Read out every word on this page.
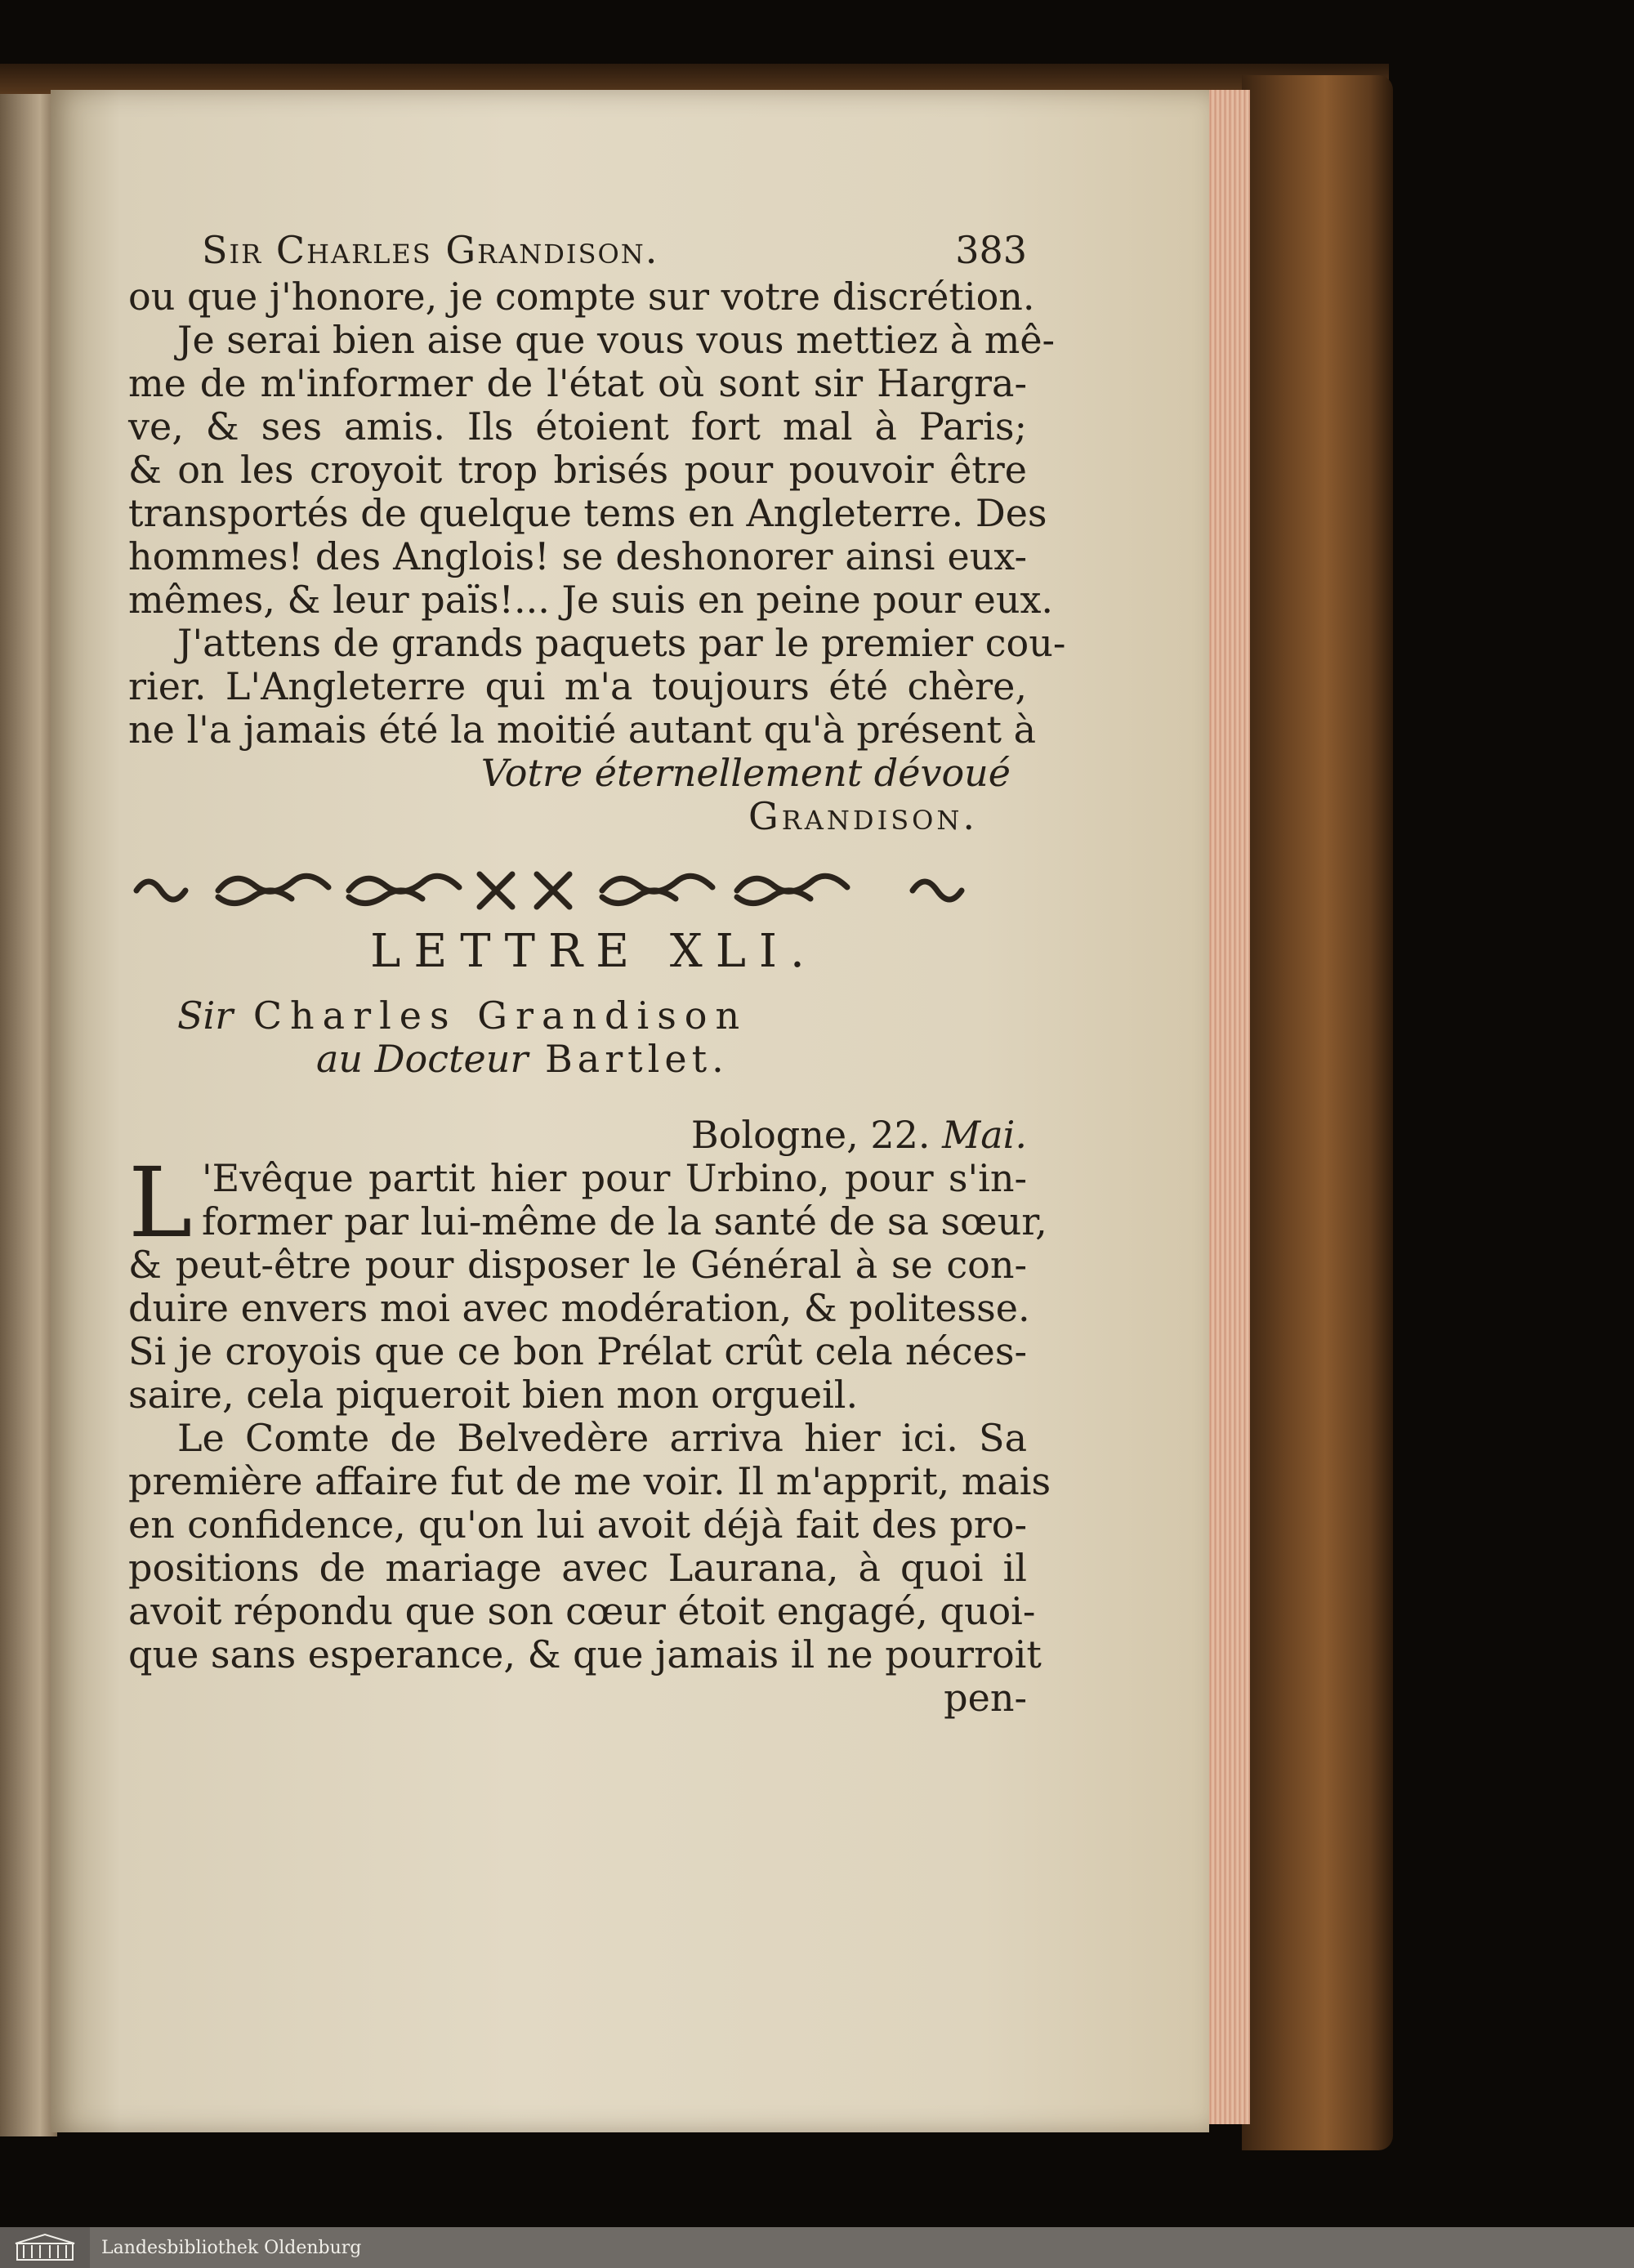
Sir Charles Grandison.	383
ou que j'honore, je compte sur votre discrétion.
Je serai bien aise que vous vous mettiez à mê-
me de m'informer de l'état où sont sir Hargra-
ve, & ses amis. Ils étoient fort mal à Paris;
& on les croyoit trop brisés pour pouvoir être
transportés de quelque tems en Angleterre. Des
hommes! des Anglois! se deshonorer ainsi eux-
mêmes, & leur païs!... Je suis en peine pour eux.
J'attens de grands paquets par le premier cou-
rier. L'Angleterre qui m'a toujours été chère,
ne l'a jamais été la moitié autant qu'à présent à
Votre éternellement dévoué
Grandison.
LETTRE XLI.
Sir Charles Grandison
au Docteur Bartlet.
Bologne, 22. Mai.
L 'Evêque partit hier pour Urbino, pour s'in-
former par lui-même de la santé de sa sœur,
& peut-être pour disposer le Général à se con-
duire envers moi avec modération, & politesse.
Si je croyois que ce bon Prélat crût cela néces-
saire, cela piqueroit bien mon orgueil.
Le Comte de Belvedère arriva hier ici. Sa
première affaire fut de me voir. Il m'apprit, mais
en confidence, qu'on lui avoit déjà fait des pro-
positions de mariage avec Laurana, à quoi il
avoit répondu que son cœur étoit engagé, quoi-
que sans esperance, & que jamais il ne pourroit
pen-
Landesbibliothek Oldenburg
